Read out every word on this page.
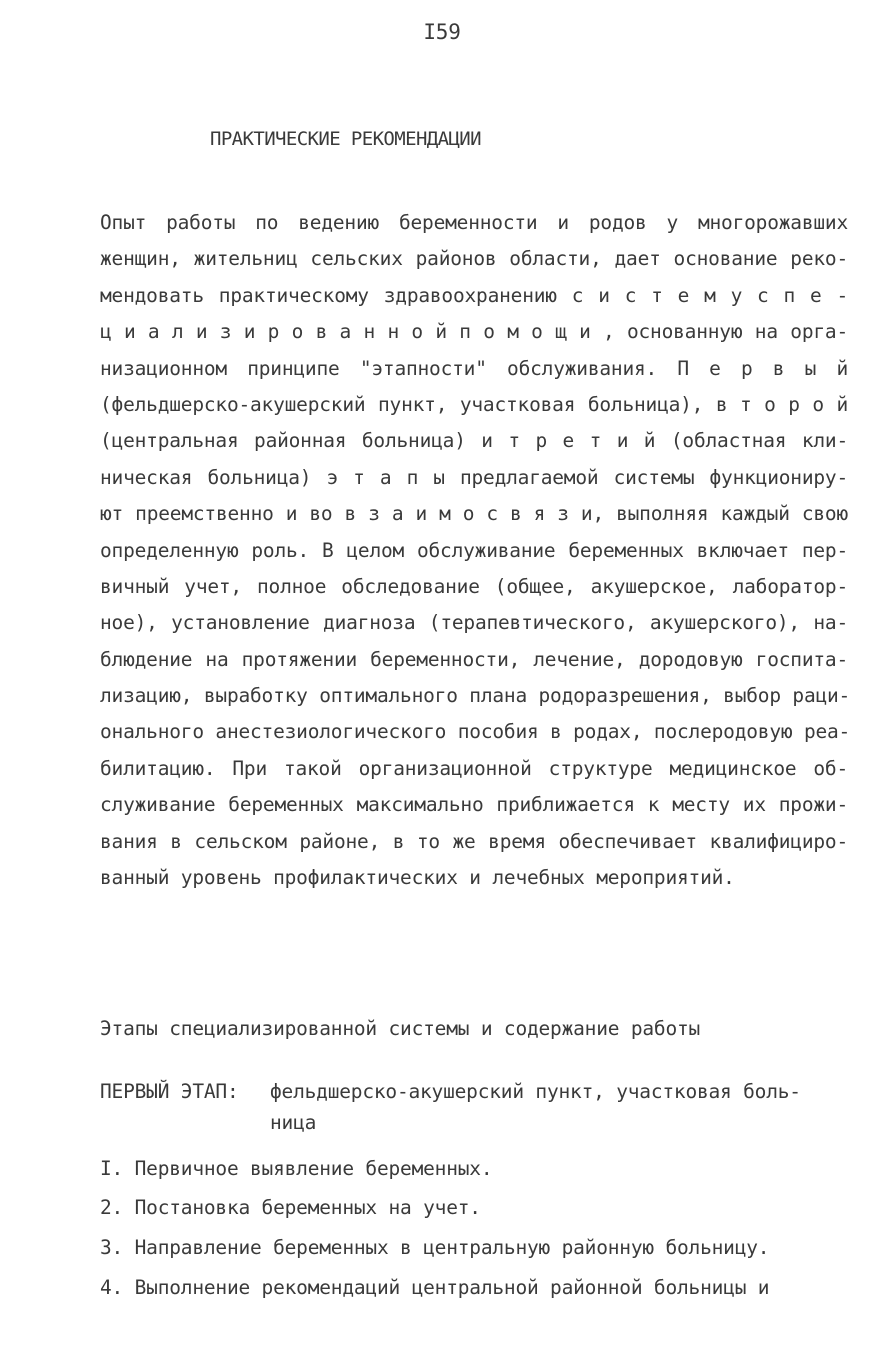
I59
ПРАКТИЧЕСКИЕ РЕКОМЕНДАЦИИ
Опыт работы по ведению беременности и родов у многорожавших
женщин, жительниц сельских районов области, дает основание реко-
мендовать практическому здравоохранению с и с т е м у с п е -
ц и а л и з и р о в а н н о й п о м о щ и , основанную на орга-
низационном принципе "этапности" обслуживания. П е р в ы й
(фельдшерско-акушерский пункт, участковая больница), в т о р о й
(центральная районная больница) и т р е т и й (областная кли-
ническая больница) э т а п ы предлагаемой системы функциониру-
ют преемственно и во в з а и м о с в я з и, выполняя каждый свою
определенную роль. В целом обслуживание беременных включает пер-
вичный учет, полное обследование (общее, акушерское, лаборатор-
ное), установление диагноза (терапевтического, акушерского), на-
блюдение на протяжении беременности, лечение, дородовую госпита-
лизацию, выработку оптимального плана родоразрешения, выбор раци-
онального анестезиологического пособия в родах, послеродовую реа-
билитацию. При такой организационной структуре медицинское об-
служивание беременных максимально приближается к месту их прожи-
вания в сельском районе, в то же время обеспечивает квалифициро-
ванный уровень профилактических и лечебных мероприятий.
Этапы специализированной системы и содержание работы
ПЕРВЫЙ ЭТАП: фельдшерско-акушерский пункт, участковая боль-
ница
I. Первичное выявление беременных.
2. Постановка беременных на учет.
3. Направление беременных в центральную районную больницу.
4. Выполнение рекомендаций центральной районной больницы и
